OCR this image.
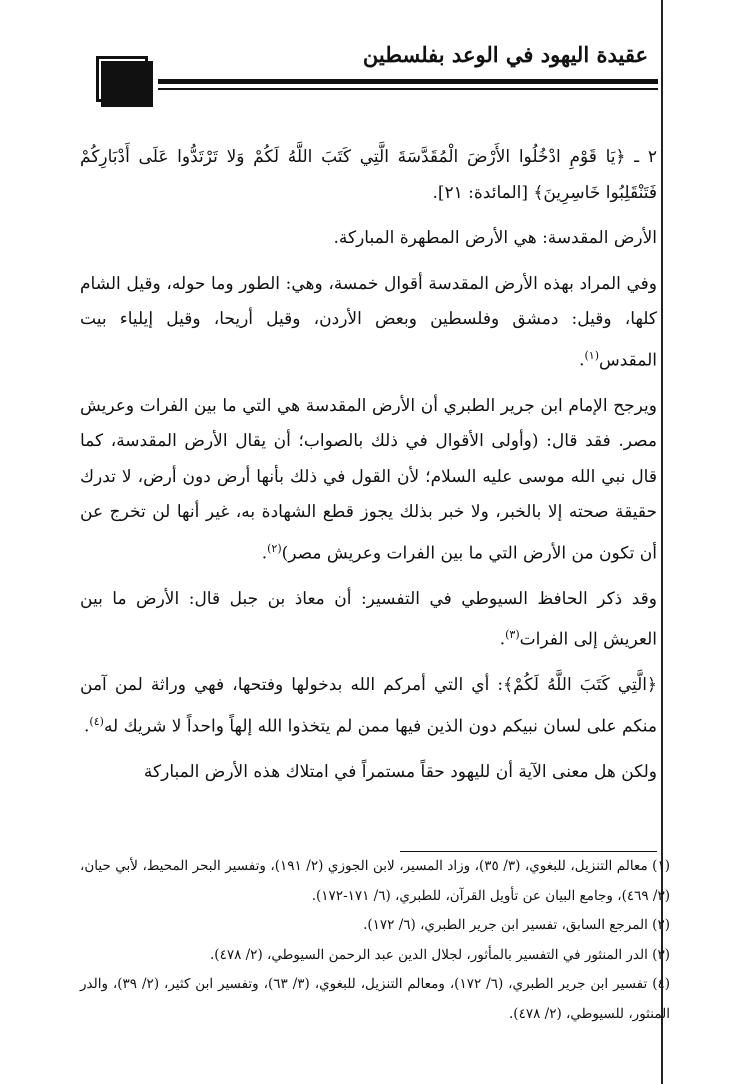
عقيدة اليهود في الوعد بفلسطين
٢٧٧

٢ ـ ﴿يَا قَوْمِ ادْخُلُوا الأَرْضَ الْمُقَدَّسَةَ الَّتِي كَتَبَ اللَّهُ لَكُمْ وَلا تَرْتَدُّوا عَلَى أَدْبَارِكُمْ فَتَنْقَلِبُوا خَاسِرِينَ﴾ [المائدة: ٢١].

الأرض المقدسة: هي الأرض المطهرة المباركة.

وفي المراد بهذه الأرض المقدسة أقوال خمسة، وهي: الطور وما حوله، وقيل الشام كلها، وقيل: دمشق وفلسطين وبعض الأردن، وقيل أريحا، وقيل إيلياء بيت المقدس$^{(١)}$.

ويرجح الإمام ابن جرير الطبري أن الأرض المقدسة هي التي ما بين الفرات وعريش مصر. فقد قال: (وأولى الأقوال في ذلك بالصواب؛ أن يقال الأرض المقدسة، كما قال نبي الله موسى عليه السلام؛ لأن القول في ذلك بأنها أرض دون أرض، لا تدرك حقيقة صحته إلا بالخبر، ولا خبر بذلك يجوز قطع الشهادة به، غير أنها لن تخرج عن أن تكون من الأرض التي ما بين الفرات وعريش مصر)$^{(٢)}$.

وقد ذكر الحافظ السيوطي في التفسير: أن معاذ بن جبل قال: الأرض ما بين العريش إلى الفرات$^{(٣)}$.

﴿الَّتِي كَتَبَ اللَّهُ لَكُمْ﴾: أي التي أمركم الله بدخولها وفتحها، فهي وراثة لمن آمن منكم على لسان نبيكم دون الذين فيها ممن لم يتخذوا الله إلهاً واحداً لا شريك له$^{(٤)}$.

ولكن هل معنى الآية أن لليهود حقاً مستمراً في امتلاك هذه الأرض المباركة

(١) معالم التنزيل، للبغوي، (٣/ ٣٥)، وزاد المسير، لابن الجوزي (٢/ ١٩١)، وتفسير البحر المحيط، لأبي حيان، (٣/ ٤٦٩)، وجامع البيان عن تأويل القرآن، للطبري، (٦/ ١٧١-١٧٢).

(٢) المرجع السابق، تفسير ابن جرير الطبري، (٦/ ١٧٢).

(٣) الدر المنثور في التفسير بالمأثور، لجلال الدين عبد الرحمن السيوطي، (٢/ ٤٧٨).

(٤) تفسير ابن جرير الطبري، (٦/ ١٧٢)، ومعالم التنزيل، للبغوي، (٣/ ٦٣)، وتفسير ابن كثير، (٢/ ٣٩)، والدر المنثور، للسيوطي، (٢/ ٤٧٨).
